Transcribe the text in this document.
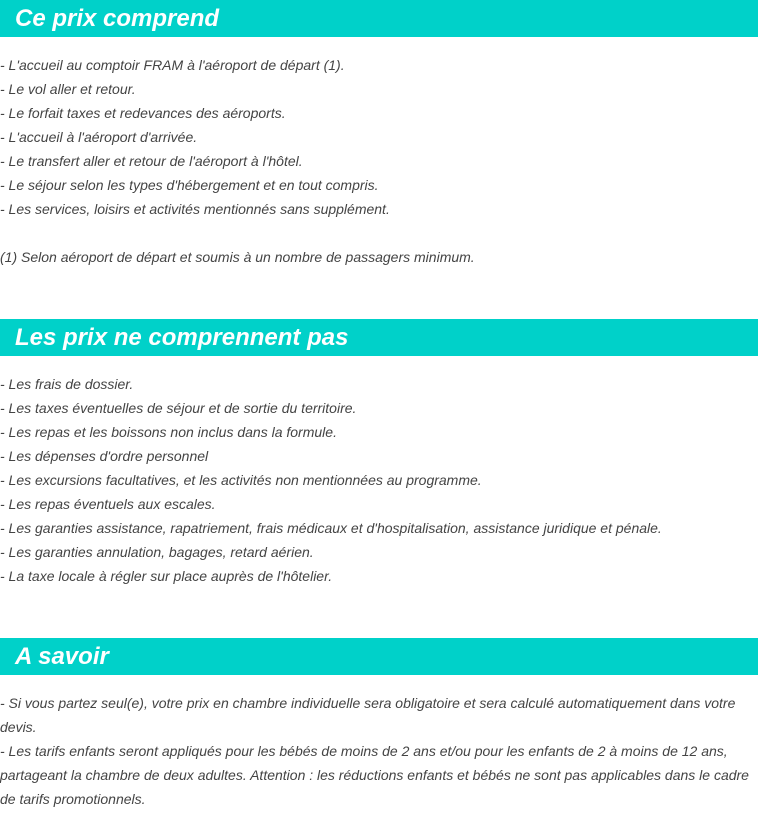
Ce prix comprend
- L'accueil au comptoir FRAM à l'aéroport de départ (1).
- Le vol aller et retour.
- Le forfait taxes et redevances des aéroports.
- L'accueil à l'aéroport d'arrivée.
- Le transfert aller et retour de l'aéroport à l'hôtel.
- Le séjour selon les types d'hébergement et en tout compris.
- Les services, loisirs et activités mentionnés sans supplément.
(1) Selon aéroport de départ et soumis à un nombre de passagers minimum.
Les prix ne comprennent pas
- Les frais de dossier.
- Les taxes éventuelles de séjour et de sortie du territoire.
- Les repas et les boissons non inclus dans la formule.
- Les dépenses d'ordre personnel
- Les excursions facultatives, et les activités non mentionnées au programme.
- Les repas éventuels aux escales.
- Les garanties assistance, rapatriement, frais médicaux et d'hospitalisation, assistance juridique et pénale.
- Les garanties annulation, bagages, retard aérien.
- La taxe locale à régler sur place auprès de l'hôtelier.
A savoir
- Si vous partez seul(e), votre prix en chambre individuelle sera obligatoire et sera calculé automatiquement dans votre devis.
- Les tarifs enfants seront appliqués pour les bébés de moins de 2 ans et/ou pour les enfants de 2 à moins de 12 ans, partageant la chambre de deux adultes. Attention : les réductions enfants et bébés ne sont pas applicables dans le cadre de tarifs promotionnels.
